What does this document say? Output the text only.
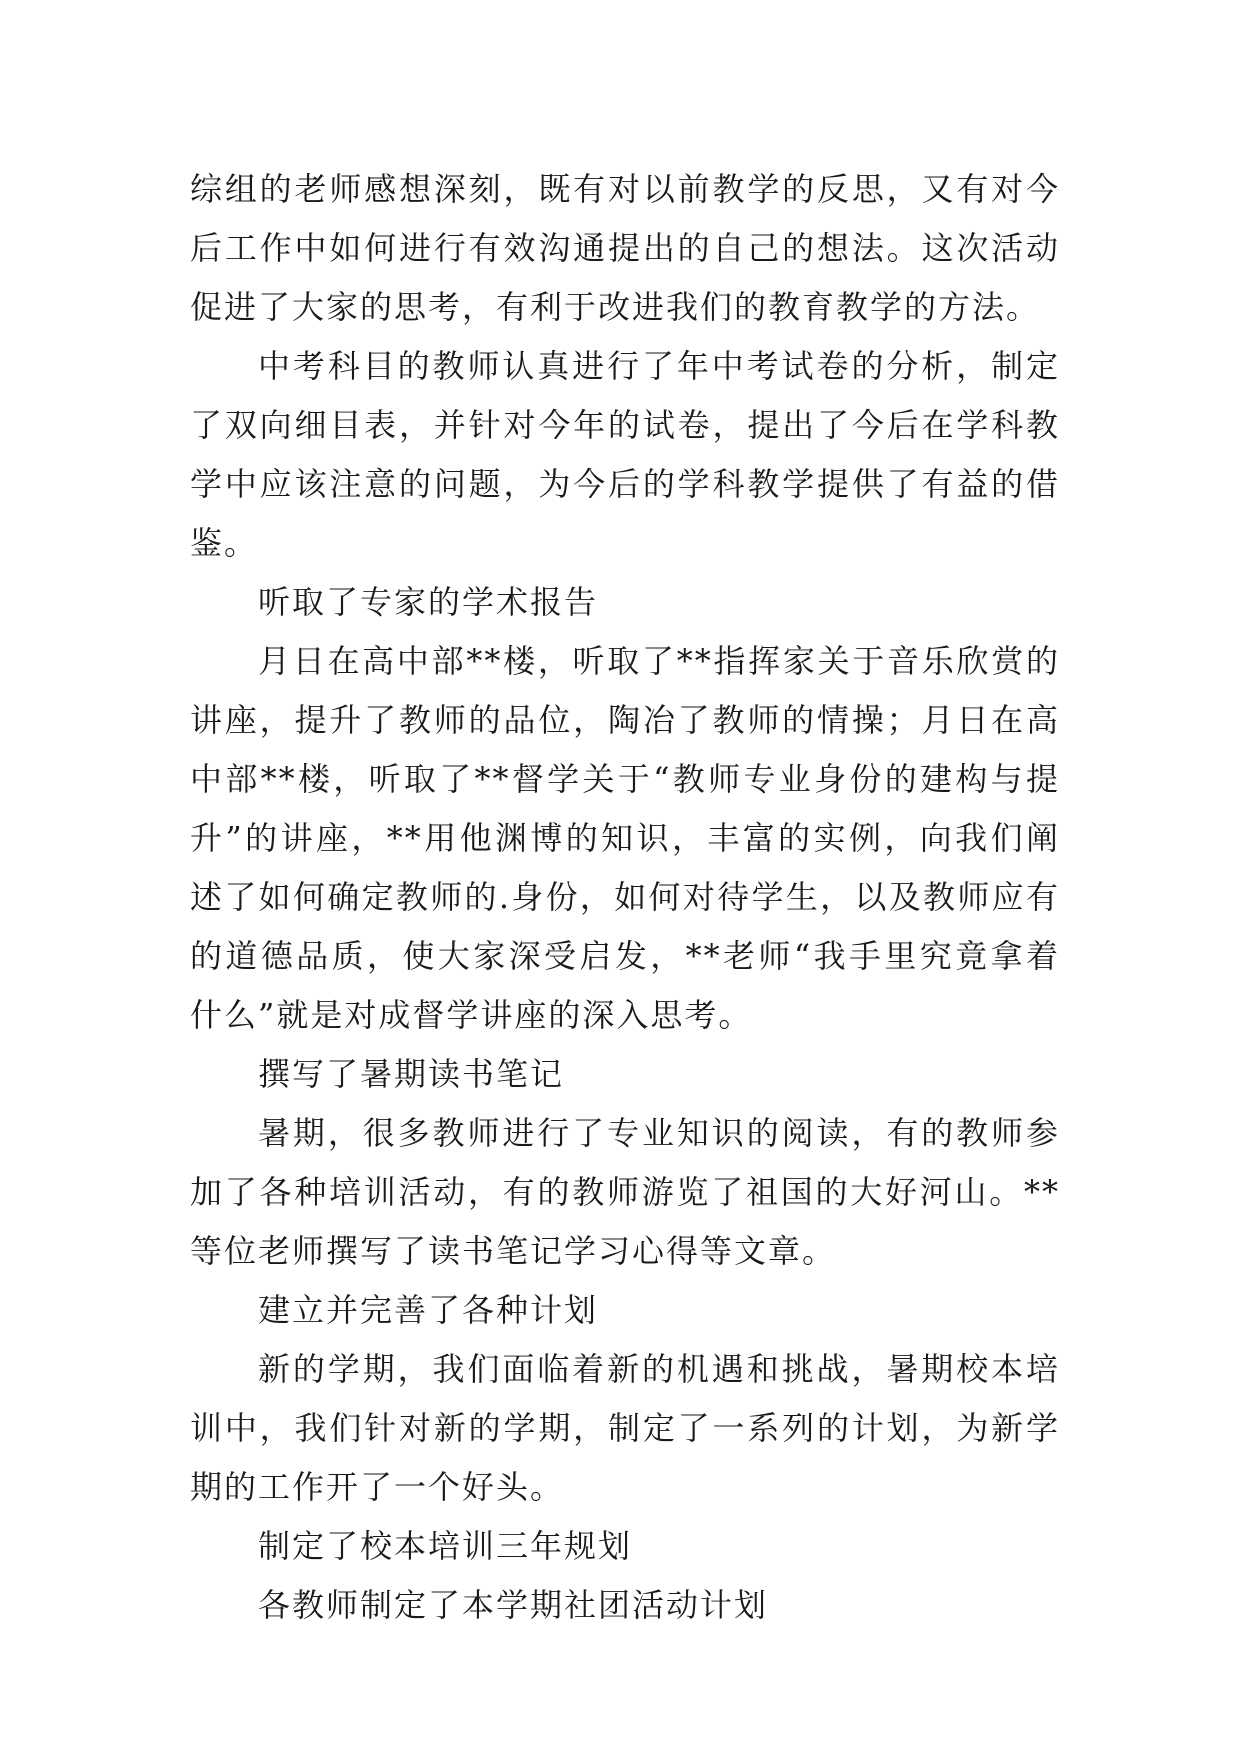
综组的老师感想深刻，既有对以前教学的反思，又有对今后工作中如何进行有效沟通提出的自己的想法。这次活动促进了大家的思考，有利于改进我们的教育教学的方法。

中考科目的教师认真进行了年中考试卷的分析，制定了双向细目表，并针对今年的试卷，提出了今后在学科教学中应该注意的问题，为今后的学科教学提供了有益的借鉴。

听取了专家的学术报告

月日在高中部**楼，听取了**指挥家关于音乐欣赏的讲座，提升了教师的品位，陶冶了教师的情操；月日在高中部**楼，听取了**督学关于“教师专业身份的建构与提升”的讲座，**用他渊博的知识，丰富的实例，向我们阐述了如何确定教师的.身份，如何对待学生，以及教师应有的道德品质，使大家深受启发，**老师“我手里究竟拿着什么”就是对成督学讲座的深入思考。

撰写了暑期读书笔记

暑期，很多教师进行了专业知识的阅读，有的教师参加了各种培训活动，有的教师游览了祖国的大好河山。**等位老师撰写了读书笔记学习心得等文章。

建立并完善了各种计划

新的学期，我们面临着新的机遇和挑战，暑期校本培训中，我们针对新的学期，制定了一系列的计划，为新学期的工作开了一个好头。

制定了校本培训三年规划

各教师制定了本学期社团活动计划
